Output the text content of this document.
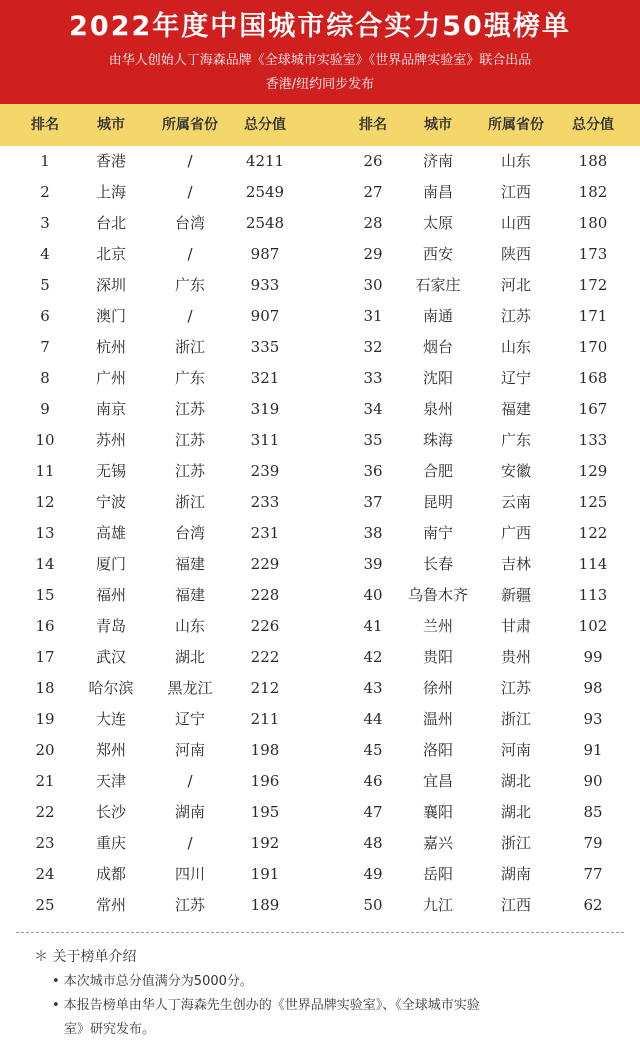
2022年度中国城市综合实力50强榜单
由华人创始人丁海森品牌《全球城市实验室》《世界品牌实验室》联合出品
香港/纽约同步发布
排名	城市	所属省份	总分值	排名	城市	所属省份	总分值
1	香港	/	4211	26	济南	山东	188
2	上海	/	2549	27	南昌	江西	182
3	台北	台湾	2548	28	太原	山西	180
4	北京	/	987	29	西安	陕西	173
5	深圳	广东	933	30	石家庄	河北	172
6	澳门	/	907	31	南通	江苏	171
7	杭州	浙江	335	32	烟台	山东	170
8	广州	广东	321	33	沈阳	辽宁	168
9	南京	江苏	319	34	泉州	福建	167
10	苏州	江苏	311	35	珠海	广东	133
11	无锡	江苏	239	36	合肥	安徽	129
12	宁波	浙江	233	37	昆明	云南	125
13	高雄	台湾	231	38	南宁	广西	122
14	厦门	福建	229	39	长春	吉林	114
15	福州	福建	228	40	乌鲁木齐	新疆	113
16	青岛	山东	226	41	兰州	甘肃	102
17	武汉	湖北	222	42	贵阳	贵州	99
18	哈尔滨	黑龙江	212	43	徐州	江苏	98
19	大连	辽宁	211	44	温州	浙江	93
20	郑州	河南	198	45	洛阳	河南	91
21	天津	/	196	46	宜昌	湖北	90
22	长沙	湖南	195	47	襄阳	湖北	85
23	重庆	/	192	48	嘉兴	浙江	79
24	成都	四川	191	49	岳阳	湖南	77
25	常州	江苏	189	50	九江	江西	62
＊ 关于榜单介绍
• 本次城市总分值满分为5000分。
• 本报告榜单由华人丁海森先生创办的《世界品牌实验室》、《全球城市实验
室》研究发布。
